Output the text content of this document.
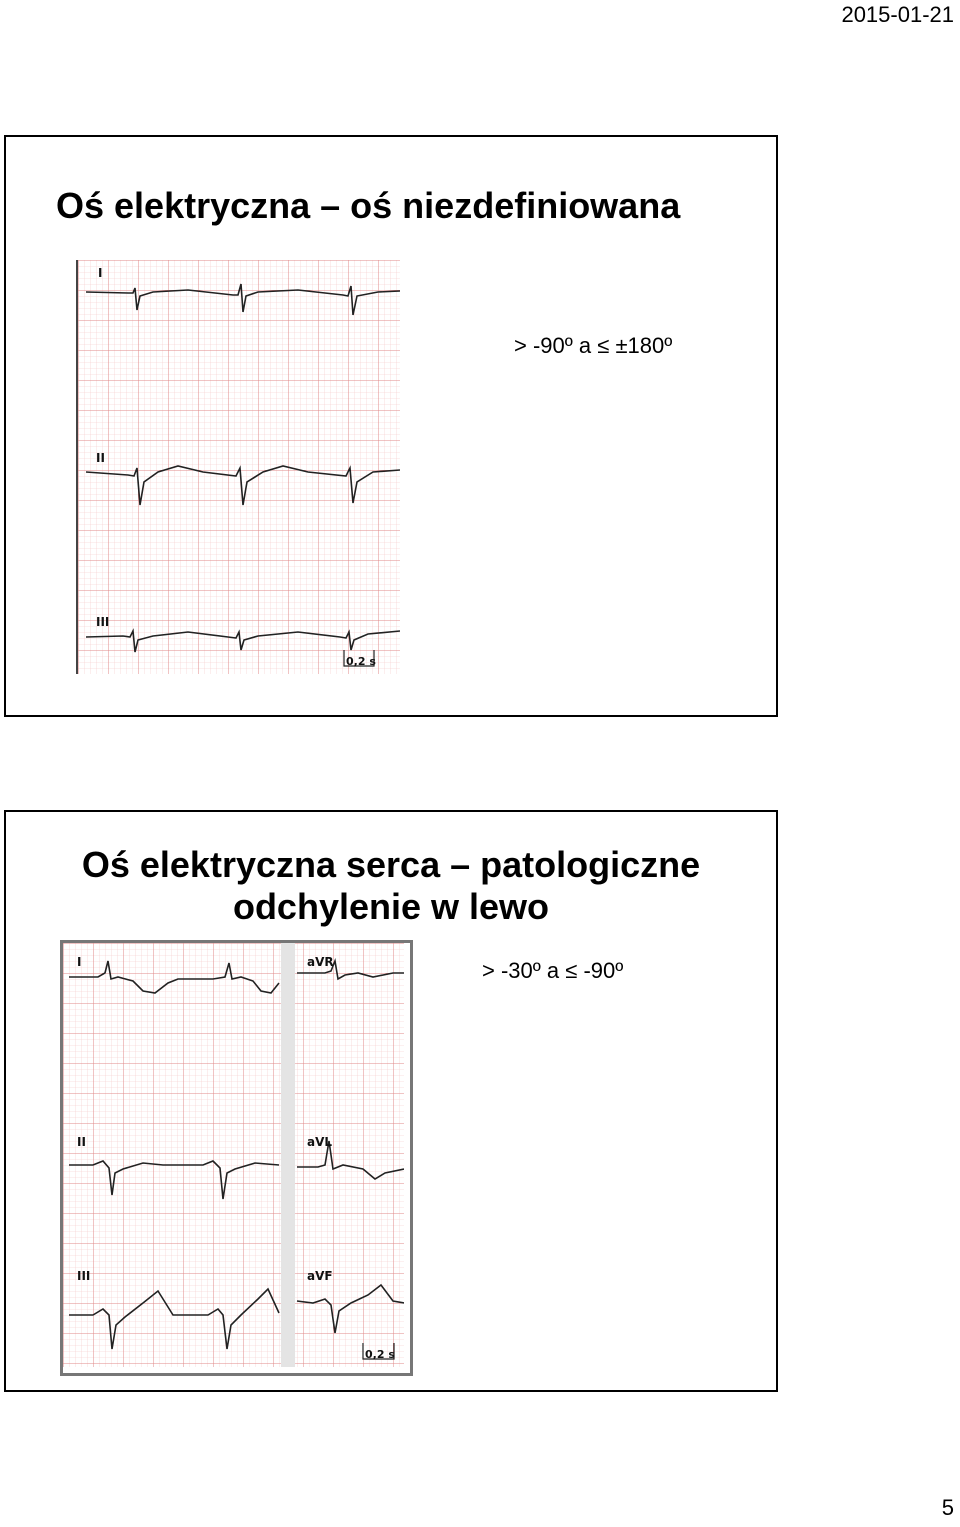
2015-01-21
Oś elektryczna – oś niezdefiniowana
> -90º a ≤ ±180º
I
II
III
0,2 s
Oś elektryczna serca – patologiczne odchylenie w lewo
> -30º a ≤ -90º
I
II
III
aVR
aVL
aVF
0,2 s
5
